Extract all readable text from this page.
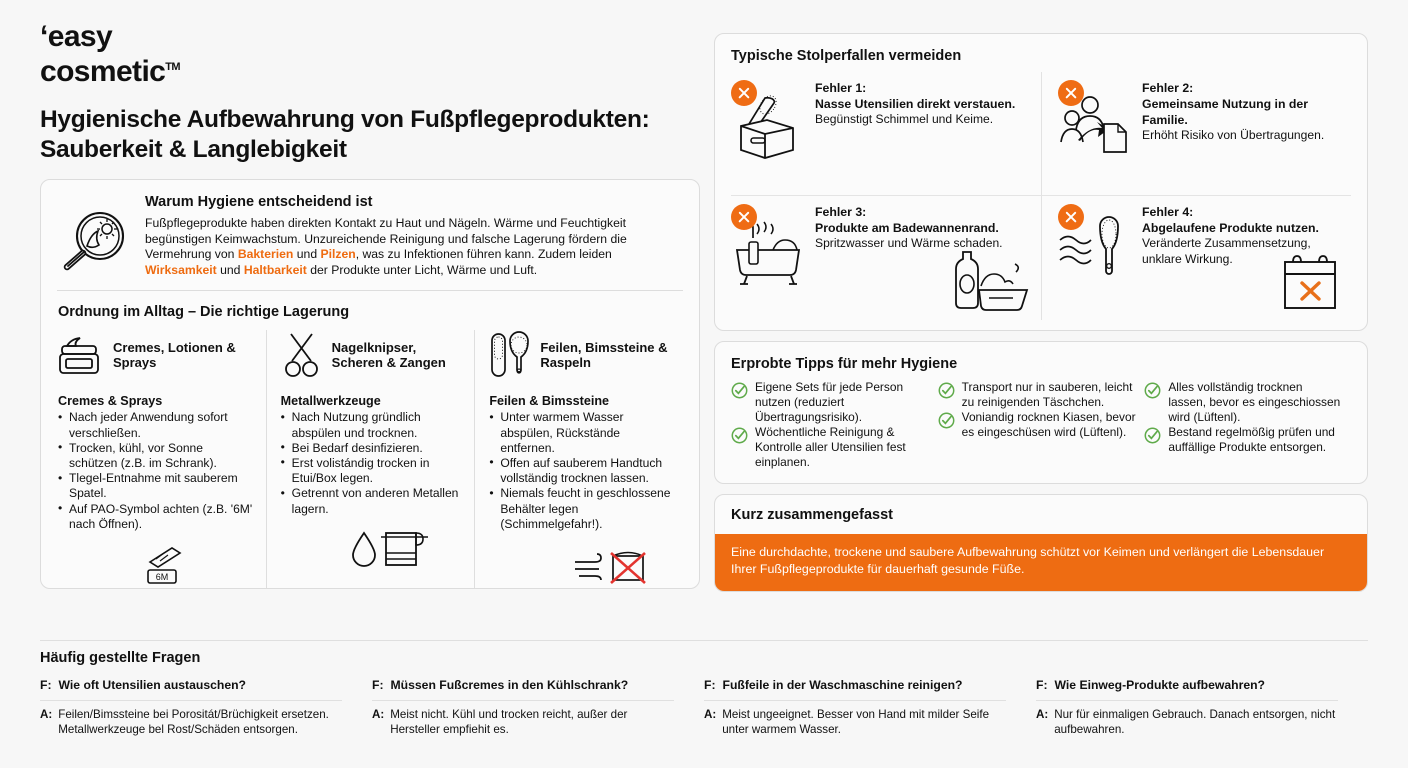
‘easy
cosmetic™
Hygienische Aufbewahrung von Fußpflegeprodukten: Sauberkeit & Langlebigkeit
Warum Hygiene entscheidend ist
Fußpflegeprodukte haben direkten Kontakt zu Haut und Nägeln. Wärme und Feuchtigkeit begünstigen Keimwachstum. Unzureichende Reinigung und falsche Lagerung fördern die Vermehrung von Bakterien und Pilzen, was zu Infektionen führen kann. Zudem leiden Wirksamkeit und Haltbarkeit der Produkte unter Licht, Wärme und Luft.
Ordnung im Alltag – Die richtige Lagerung
Cremes, Lotionen & Sprays
Cremes & Sprays
• Nach jeder Anwendung sofort verschließen.
• Trocken, kühl, vor Sonne schützen (z.B. im Schrank).
• Tlegel-Entnahme mit sauberem Spatel.
• Auf PAO-Symbol achten (z.B. '6M' nach Öffnen).
6M
Nagelknipser, Scheren & Zangen
Metallwerkzeuge
• Nach Nutzung gründlich abspülen und trocknen.
• Bei Bedarf desinfizieren.
• Erst volistándig trocken in Etui/Box legen.
• Getrennt von anderen Metallen lagern.
Feilen, Bimssteine & Raspeln
Feilen & Bimssteine
• Unter warmem Wasser abspülen, Rückstände entfernen.
• Offen auf sauberem Handtuch vollständig trocknen lassen.
• Niemals feucht in geschlossene Behälter legen (Schimmelgefahr!).
Typische Stolperfallen vermeiden
Fehler 1:
Nasse Utensilien direkt verstauen.
Begünstigt Schimmel und Keime.
Fehler 2:
Gemeinsame Nutzung in der Familie.
Erhöht Risiko von Übertragungen.
Fehler 3:
Produkte am Badewannenrand.
Spritzwasser und Wärme schaden.
Fehler 4:
Abgelaufene Produkte nutzen.
Veränderte Zusammensetzung, unklare Wirkung.
Erprobte Tipps für mehr Hygiene
Eigene Sets für jede Person nutzen (reduziert Übertragungsrisiko).
Wöchentliche Reinigung & Kontrolle aller Utensilien fest einplanen.
Transport nur in sauberen, leicht zu reinigenden Täschchen.
Voniandig rocknen Kiasen, bevor es eingeschüsen wird (Lüftenl).
Alles vollständig trocknen lassen, bevor es eingeschiossen wird (Lüftenl).
Bestand regelmößig prüfen und auffällige Produkte entsorgen.
Kurz zusammengefasst
Eine durchdachte, trockene und saubere Aufbewahrung schützt vor Keimen und verlängert die Lebensdauer Ihrer Fußpflegeprodukte für dauerhaft gesunde Füße.
Häufig gestellte Fragen
F: Wie oft Utensilien austauschen?
A: Feilen/Bimssteine bei Porositát/Brüchigkeit ersetzen. Metallwerkzeuge bel Rost/Schäden entsorgen.
F: Müssen Fußcremes in den Kühlschrank?
A: Meist nicht. Kühl und trocken reicht, außer der Hersteller empfiehit es.
F: Fußfeile in der Waschmaschine reinigen?
A: Meist ungeeignet. Besser von Hand mit milder Seife unter warmem Wasser.
F: Wie Einweg-Produkte aufbewahren?
A: Nur für einmaligen Gebrauch. Danach entsorgen, nicht aufbewahren.
